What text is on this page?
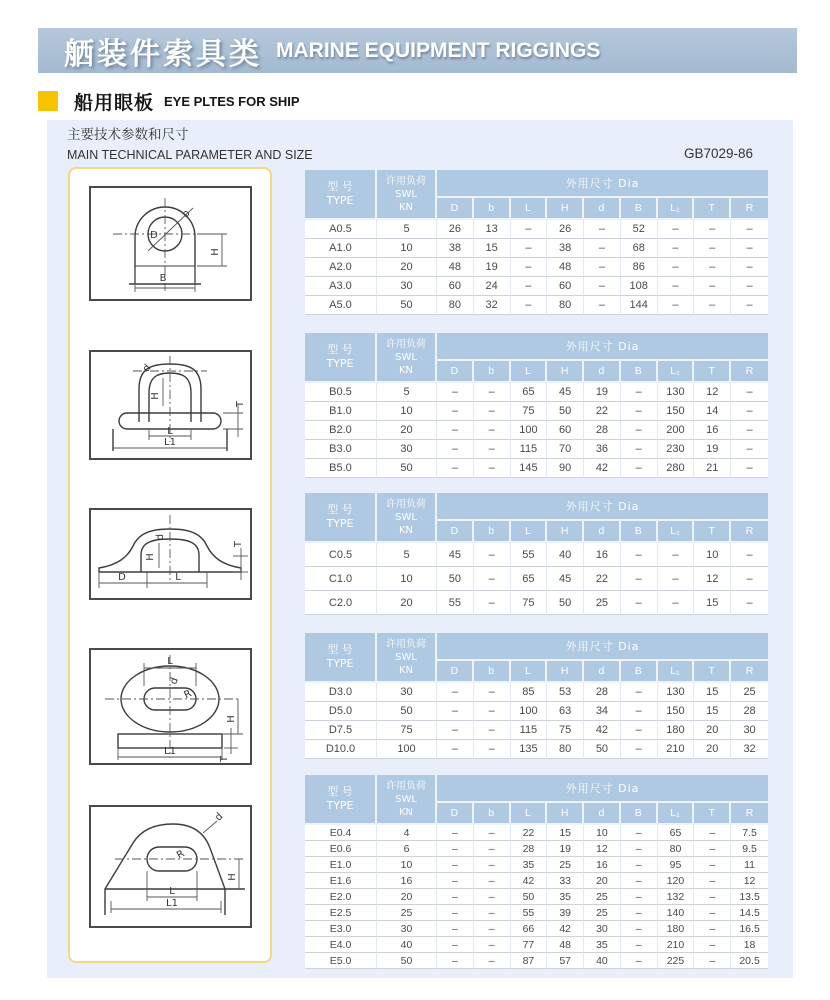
舾装件索具类 MARINE EQUIPMENT RIGGINGS
船用眼板 EYE PLTES FOR SHIP
主要技术参数和尺寸
MAIN TECHNICAL PARAMETER AND SIZE	GB7029-86
D
b
H
B
d
H
T
L
L1
d
H
T
D	L
L
d
R
H
T
L1
d
R
H
L
L1
型 号
TYPE	许用负荷
SWL
KN	外用尺寸 Dia								
		D	b	L	H	d	B	L₁	T	R
A0.5	5	26	13	–	26	–	52	–	–	–
A1.0	10	38	15	–	38	–	68	–	–	–
A2.0	20	48	19	–	48	–	86	–	–	–
A3.0	30	60	24	–	60	–	108	–	–	–
A5.0	50	80	32	–	80	–	144	–	–	–
型 号
TYPE	许用负荷
SWL
KN	外用尺寸 Dia								
		D	b	L	H	d	B	L₁	T	R
B0.5	5	–	–	65	45	19	–	130	12	–
B1.0	10	–	–	75	50	22	–	150	14	–
B2.0	20	–	–	100	60	28	–	200	16	–
B3.0	30	–	–	115	70	36	–	230	19	–
B5.0	50	–	–	145	90	42	–	280	21	–
型 号
TYPE	许用负荷
SWL
KN	外用尺寸 Dia								
		D	b	L	H	d	B	L₁	T	R
C0.5	5	45	–	55	40	16	–	–	10	–
C1.0	10	50	–	65	45	22	–	–	12	–
C2.0	20	55	–	75	50	25	–	–	15	–
型 号
TYPE	许用负荷
SWL
KN	外用尺寸 Dia								
		D	b	L	H	d	B	L₁	T	R
D3.0	30	–	–	85	53	28	–	130	15	25
D5.0	50	–	–	100	63	34	–	150	15	28
D7.5	75	–	–	115	75	42	–	180	20	30
D10.0	100	–	–	135	80	50	–	210	20	32
型 号
TYPE	许用负荷
SWL
KN	外用尺寸 Dia								
		D	b	L	H	d	B	L₁	T	R
E0.4	4	–	–	22	15	10	–	65	–	7.5
E0.6	6	–	–	28	19	12	–	80	–	9.5
E1.0	10	–	–	35	25	16	–	95	–	11
E1.6	16	–	–	42	33	20	–	120	–	12
E2.0	20	–	–	50	35	25	–	132	–	13.5
E2.5	25	–	–	55	39	25	–	140	–	14.5
E3.0	30	–	–	66	42	30	–	180	–	16.5
E4.0	40	–	–	77	48	35	–	210	–	18
E5.0	50	–	–	87	57	40	–	225	–	20.5
